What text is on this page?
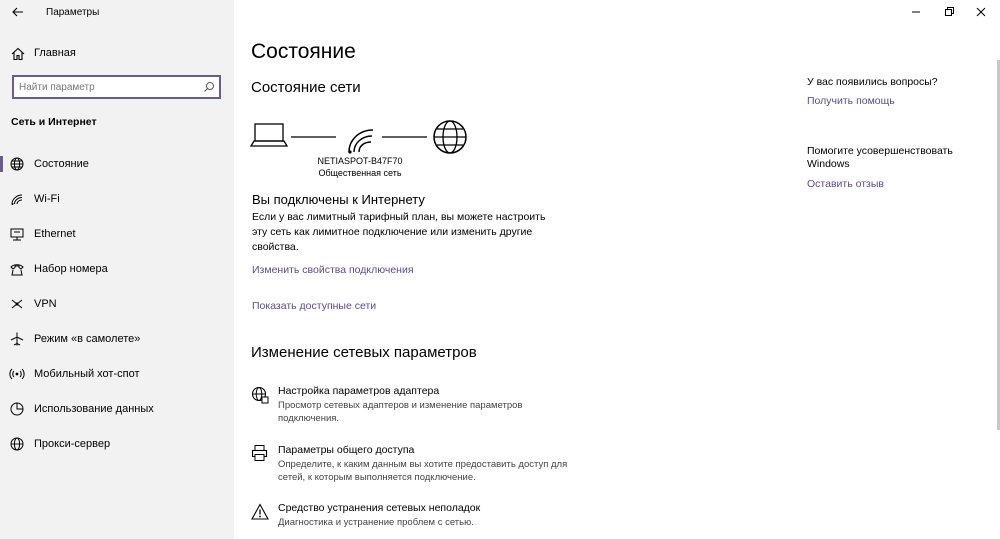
Параметры
Главная
Найти параметр
Сеть и Интернет
Состояние
Wi-Fi
Ethernet
Набор номера
VPN
Режим «в самолете»
Мобильный хот-спот
Использование данных
Прокси-сервер
Состояние
Состояние сети
NETIASPOT-B47F70
Общественная сеть
Вы подключены к Интернету
Если у вас лимитный тарифный план, вы можете настроить эту сеть как лимитное подключение или изменить другие свойства.
Изменить свойства подключения
Показать доступные сети
Изменение сетевых параметров
Настройка параметров адаптера
Просмотр сетевых адаптеров и изменение параметров подключения.
Параметры общего доступа
Определите, к каким данным вы хотите предоставить доступ для сетей, к которым выполняется подключение.
Средство устранения сетевых неполадок
Диагностика и устранение проблем с сетью.
У вас появились вопросы?
Получить помощь
Помогите усовершенствовать Windows
Оставить отзыв
